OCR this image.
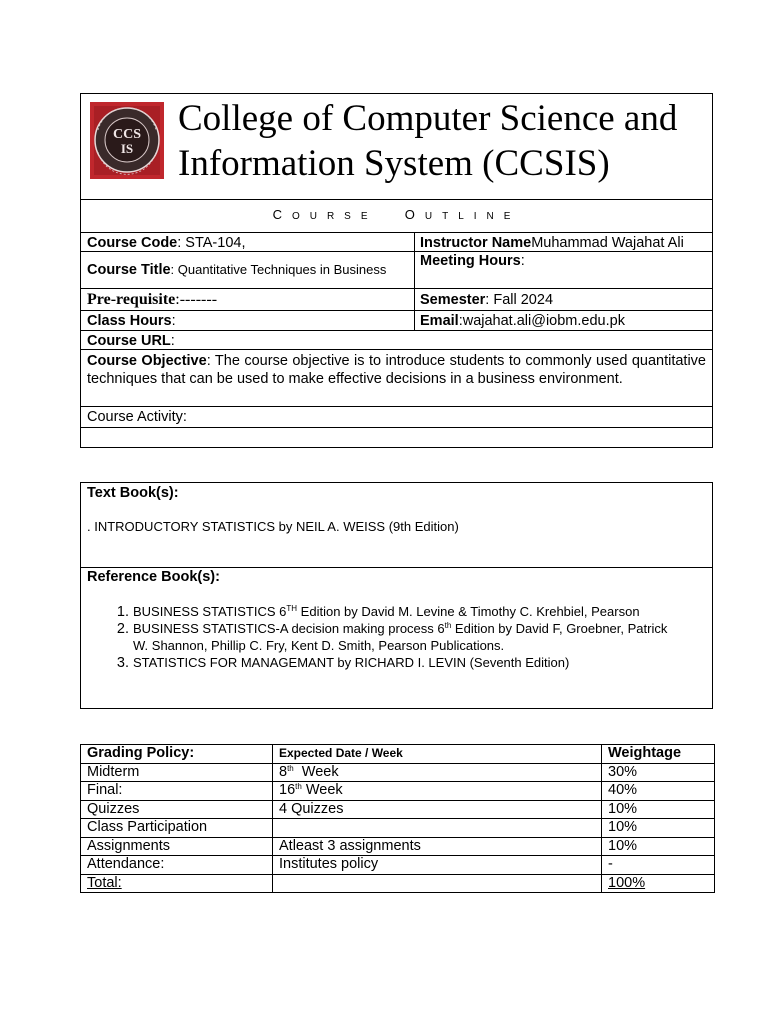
CCS
IS
College of Computer Science and Information System (CCSIS)
COURSE  OUTLINE
Course Code: STA-104,	Instructor NameMuhammad Wajahat Ali
Course Title: Quantitative Techniques in Business
Meeting Hours:
Pre-requisite:-------	Semester: Fall 2024
Class Hours:	Email:wajahat.ali@iobm.edu.pk
Course URL:
Course Objective: The course objective is to introduce students to commonly used quantitative techniques that can be used to make effective decisions in a business environment.
Course Activity:
Text Book(s):
. INTRODUCTORY STATISTICS by NEIL A. WEISS (9th Edition)
Reference Book(s):
1. BUSINESS STATISTICS 6TH Edition by David M. Levine & Timothy C. Krehbiel, Pearson
2. BUSINESS STATISTICS-A decision making process 6th Edition by David F, Groebner, Patrick W. Shannon, Phillip C. Fry, Kent D. Smith, Pearson Publications.
3. STATISTICS FOR MANAGEMANT by RICHARD I. LEVIN (Seventh Edition)
Grading Policy:	Expected Date / Week	Weightage
Midterm	8th  Week	30%
Final:	16th Week	40%
Quizzes	4 Quizzes	10%
Class Participation		10%
Assignments	Atleast 3 assignments	10%
Attendance:	Institutes policy	-
Total:		100%
